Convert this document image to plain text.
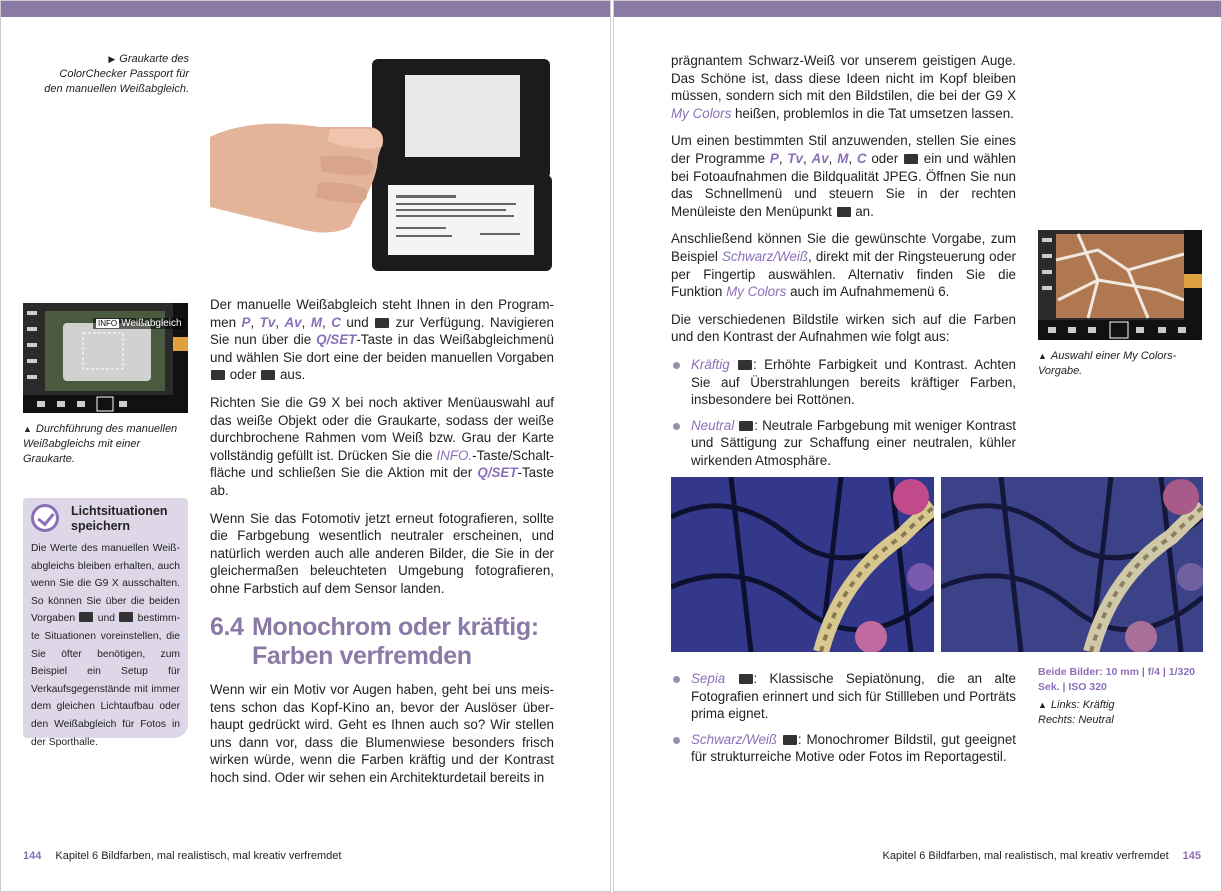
▶ Graukarte des ColorChecker Passport für den manuellen Weißabgleich.
INFO Weißabgleich
▲ Durchführung des manuellen Weißabgleichs mit einer Graukarte.

Der manuelle Weißabgleich steht Ihnen in den Programmen P, Tv, Av, M, C und  zur Verfügung. Navigieren Sie nun über die Q/SET-Taste in das Weißabgleichmenü und wählen Sie dort eine der beiden manuellen Vorgaben  oder  aus.

Richten Sie die G9 X bei noch aktiver Menüauswahl auf das weiße Objekt oder die Graukarte, sodass der weiße durchbrochene Rahmen vom Weiß bzw. Grau der Karte vollständig gefüllt ist. Drücken Sie die INFO.-Taste/Schaltfläche und schließen Sie die Aktion mit der Q/SET-Taste ab.

Wenn Sie das Fotomotiv jetzt erneut fotografieren, sollte die Farbgebung wesentlich neutraler erscheinen, und natürlich werden auch alle anderen Bilder, die Sie in der gleichermaßen beleuchteten Umgebung fotografieren, ohne Farbstich auf dem Sensor landen.

6.4 Monochrom oder kräftig:
Farben verfremden

Wenn wir ein Motiv vor Augen haben, geht bei uns meistens schon das Kopf-Kino an, bevor der Auslöser überhaupt gedrückt wird. Geht es Ihnen auch so? Wir stellen uns dann vor, dass die Blumenwiese besonders frisch wirken würde, wenn die Farben kräftig und der Kontrast hoch sind. Oder wir sehen ein Architekturdetail bereits in

Lichtsituationen speichern
Die Werte des manuellen Weißabgleichs bleiben erhalten, auch wenn Sie die G9 X ausschalten. So können Sie über die beiden Vorgaben  und  bestimmte Situationen voreinstellen, die Sie öfter benötigen, zum Beispiel ein Setup für Verkaufsgegenstände mit immer dem gleichen Lichtaufbau oder den Weißabgleich für Fotos in der Sporthalle.
144 Kapitel 6 Bildfarben, mal realistisch, mal kreativ verfremdet

prägnantem Schwarz-Weiß vor unserem geistigen Auge. Das Schöne ist, dass diese Ideen nicht im Kopf bleiben müssen, sondern sich mit den Bildstilen, die bei der G9 X My Colors heißen, problemlos in die Tat umsetzen lassen.

Um einen bestimmten Stil anzuwenden, stellen Sie eines der Programme P, Tv, Av, M, C oder  ein und wählen bei Fotoaufnahmen die Bildqualität JPEG. Öffnen Sie nun das Schnellmenü und steuern Sie in der rechten Menüleiste den Menüpunkt  an.

Anschließend können Sie die gewünschte Vorgabe, zum Beispiel Schwarz/Weiß, direkt mit der Ringsteuerung oder per Fingertip auswählen. Alternativ finden Sie die Funktion My Colors auch im Aufnahmemenü 6.

Die verschiedenen Bildstile wirken sich auf die Farben und den Kontrast der Aufnahmen wie folgt aus:

Kräftig : Erhöhte Farbigkeit und Kontrast. Achten Sie auf Überstrahlungen bereits kräftiger Farben, insbesondere bei Rottönen.
Neutral : Neutrale Farbgebung mit weniger Kontrast und Sättigung zur Schaffung einer neutralen, kühler wirkenden Atmosphäre.
▲ Auswahl einer My Colors-Vorgabe.
Sepia : Klassische Sepiatönung, die an alte Fotografien erinnert und sich für Stillleben und Porträts prima eignet.
Schwarz/Weiß : Monochromer Bildstil, gut geeignet für strukturreiche Motive oder Fotos im Reportagestil.
Beide Bilder: 10 mm | f/4 | 1/320 Sek. | ISO 320
▲ Links: Kräftig Rechts: Neutral
Kapitel 6 Bildfarben, mal realistisch, mal kreativ verfremdet 145
